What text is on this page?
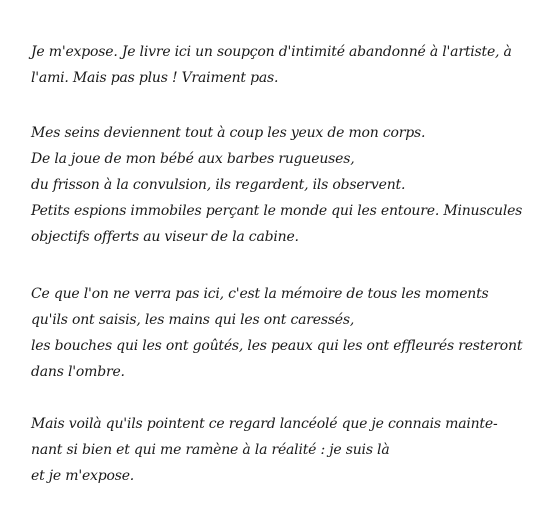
Je m'expose. Je livre ici un soupçon d'intimité abandonné à l'artiste, à
l'ami. Mais pas plus ! Vraiment pas.

Mes seins deviennent tout à coup les yeux de mon corps.
De la joue de mon bébé aux barbes rugueuses,
du frisson à la convulsion, ils regardent, ils observent.
Petits espions immobiles perçant le monde qui les entoure. Minuscules
objectifs offerts au viseur de la cabine.

Ce que l'on ne verra pas ici, c'est la mémoire de tous les moments
qu'ils ont saisis, les mains qui les ont caressés,
les bouches qui les ont goûtés, les peaux qui les ont effleurés resteront
dans l'ombre.

Mais voilà qu'ils pointent ce regard lancéolé que je connais mainte-
nant si bien et qui me ramène à la réalité : je suis là
et je m'expose.
